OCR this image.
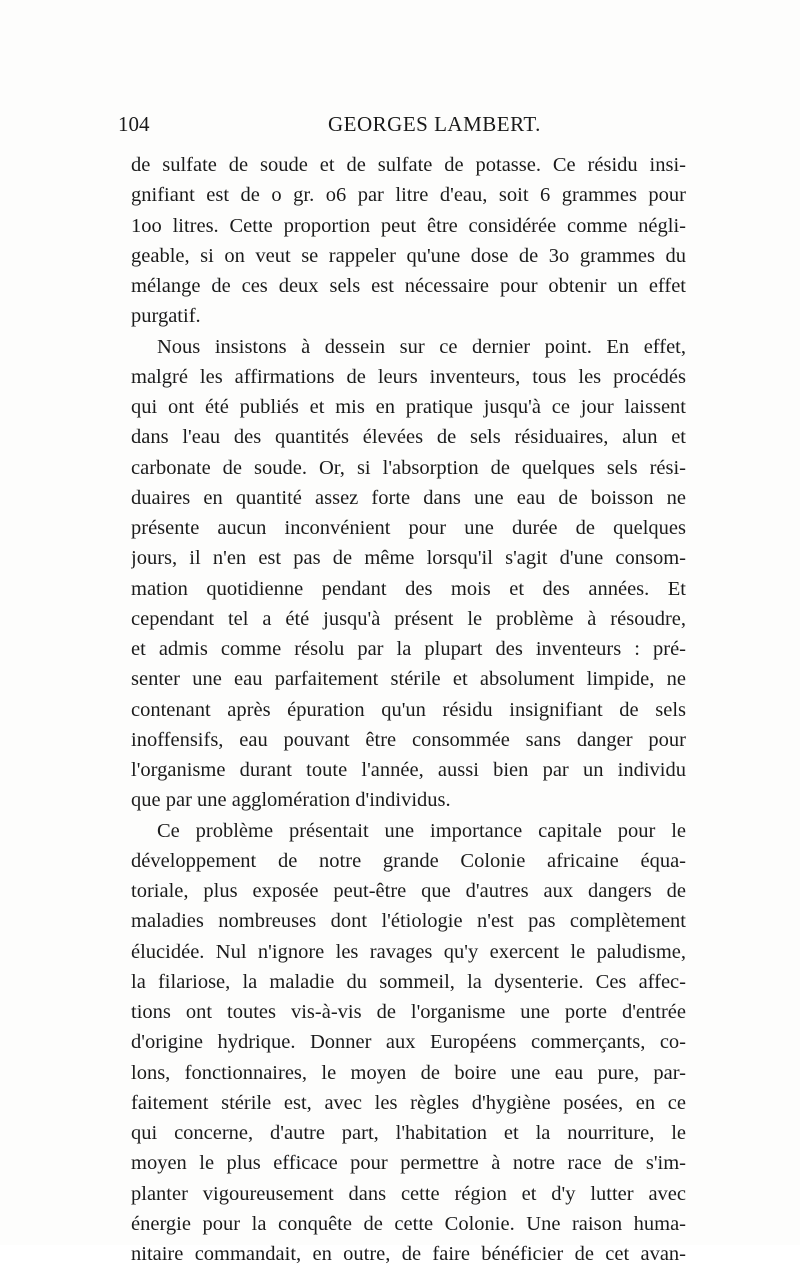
104	GEORGES LAMBERT.
de sulfate de soude et de sulfate de potasse. Ce résidu insi-
gnifiant est de o gr. o6 par litre d'eau, soit 6 grammes pour
1oo litres. Cette proportion peut être considérée comme négli-
geable, si on veut se rappeler qu'une dose de 3o grammes du
mélange de ces deux sels est nécessaire pour obtenir un effet
purgatif.
Nous insistons à dessein sur ce dernier point. En effet,
malgré les affirmations de leurs inventeurs, tous les procédés
qui ont été publiés et mis en pratique jusqu'à ce jour laissent
dans l'eau des quantités élevées de sels résiduaires, alun et
carbonate de soude. Or, si l'absorption de quelques sels rési-
duaires en quantité assez forte dans une eau de boisson ne
présente aucun inconvénient pour une durée de quelques
jours, il n'en est pas de même lorsqu'il s'agit d'une consom-
mation quotidienne pendant des mois et des années. Et
cependant tel a été jusqu'à présent le problème à résoudre,
et admis comme résolu par la plupart des inventeurs : pré-
senter une eau parfaitement stérile et absolument limpide, ne
contenant après épuration qu'un résidu insignifiant de sels
inoffensifs, eau pouvant être consommée sans danger pour
l'organisme durant toute l'année, aussi bien par un individu
que par une agglomération d'individus.
Ce problème présentait une importance capitale pour le
développement de notre grande Colonie africaine équa-
toriale, plus exposée peut-être que d'autres aux dangers de
maladies nombreuses dont l'étiologie n'est pas complètement
élucidée. Nul n'ignore les ravages qu'y exercent le paludisme,
la filariose, la maladie du sommeil, la dysenterie. Ces affec-
tions ont toutes vis-à-vis de l'organisme une porte d'entrée
d'origine hydrique. Donner aux Européens commerçants, co-
lons, fonctionnaires, le moyen de boire une eau pure, par-
faitement stérile est, avec les règles d'hygiène posées, en ce
qui concerne, d'autre part, l'habitation et la nourriture, le
moyen le plus efficace pour permettre à notre race de s'im-
planter vigoureusement dans cette région et d'y lutter avec
énergie pour la conquête de cette Colonie. Une raison huma-
nitaire commandait, en outre, de faire bénéficier de cet avan-
